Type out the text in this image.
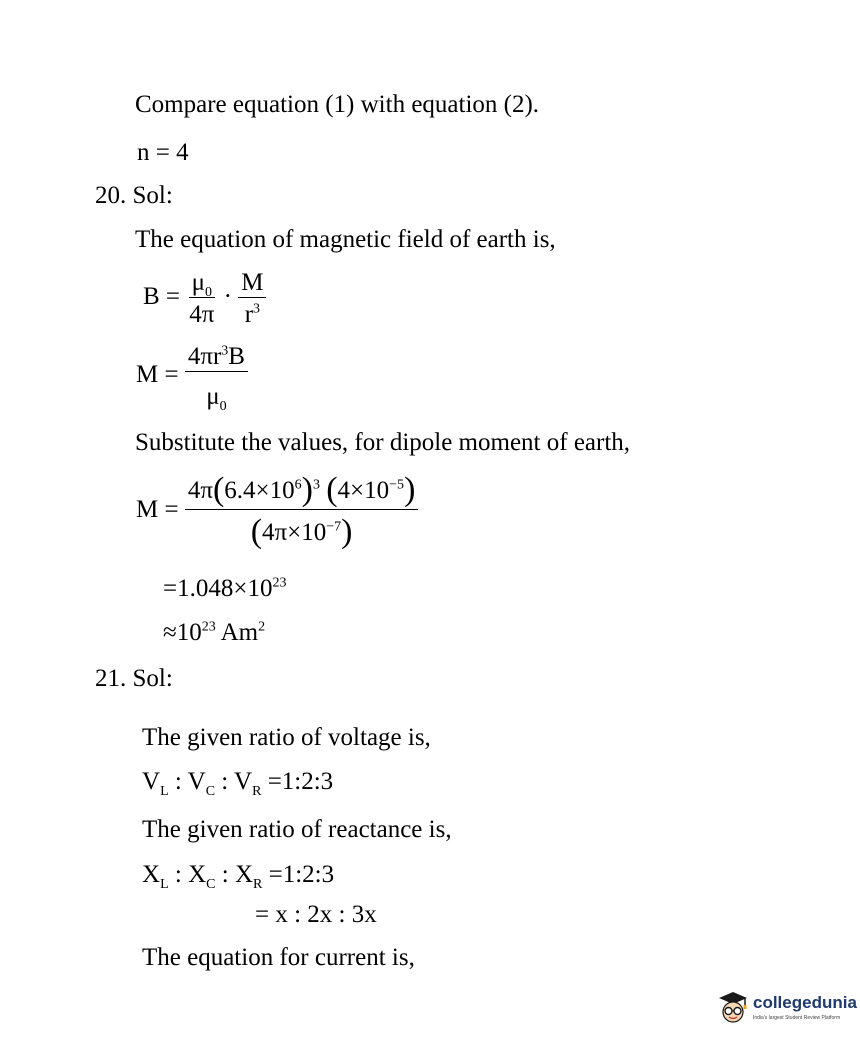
Compare equation (1) with equation (2).
n = 4
20. Sol:
The equation of magnetic field of earth is,
$B = \frac{\mu_0}{4\pi} \cdot \frac{M}{r^3}$
$M = \frac{4\pi r^3B}{\mu_0}$
Substitute the values, for dipole moment of earth,
$M = \frac{4\pi(6.4\times 10^6)^3 (4\times 10^{-5})}{(4\pi\times 10^{-7})}$
$=1.048\times 10^{23}$
$\approx 10^{23}$ Am$^2$
21. Sol:
The given ratio of voltage is,
$V_L$ : $V_C$ : $V_R$ =1:2:3
The given ratio of reactance is,
$X_L$ : $X_C$ : $X_R$ =1:2:3
= x : 2x : 3x
The equation for current is,
collegedunia
India's largest Student Review Platform
